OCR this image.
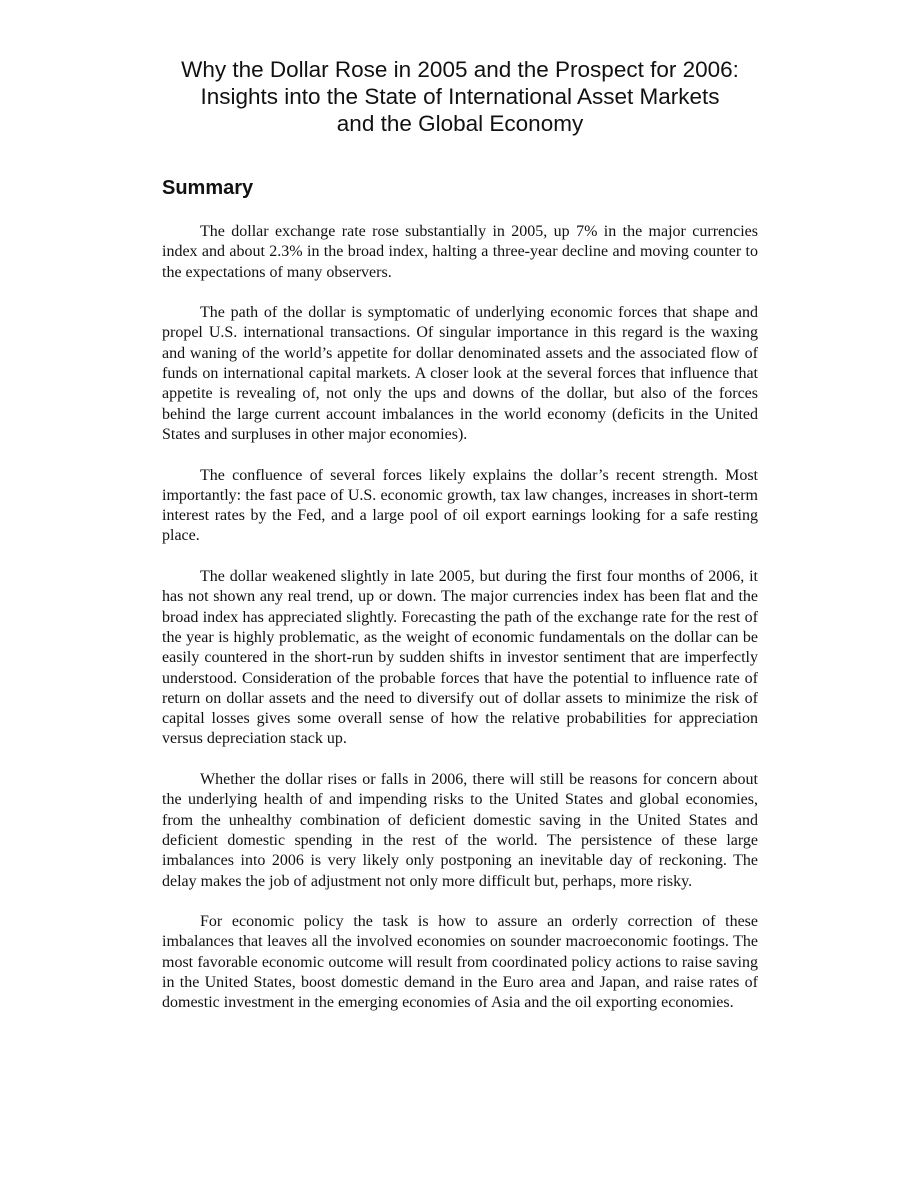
Why the Dollar Rose in 2005 and the Prospect for 2006:
Insights into the State of International Asset Markets
and the Global Economy
Summary

The dollar exchange rate rose substantially in 2005, up 7% in the major currencies index and about 2.3% in the broad index, halting a three-year decline and moving counter to the expectations of many observers.

The path of the dollar is symptomatic of underlying economic forces that shape and propel U.S. international transactions. Of singular importance in this regard is the waxing and waning of the world’s appetite for dollar denominated assets and the associated flow of funds on international capital markets. A closer look at the several forces that influence that appetite is revealing of, not only the ups and downs of the dollar, but also of the forces behind the large current account imbalances in the world economy (deficits in the United States and surpluses in other major economies).

The confluence of several forces likely explains the dollar’s recent strength. Most importantly: the fast pace of U.S. economic growth, tax law changes, increases in short-term interest rates by the Fed, and a large pool of oil export earnings looking for a safe resting place.

The dollar weakened slightly in late 2005, but during the first four months of 2006, it has not shown any real trend, up or down. The major currencies index has been flat and the broad index has appreciated slightly. Forecasting the path of the exchange rate for the rest of the year is highly problematic, as the weight of economic fundamentals on the dollar can be easily countered in the short-run by sudden shifts in investor sentiment that are imperfectly understood. Consideration of the probable forces that have the potential to influence rate of return on dollar assets and the need to diversify out of dollar assets to minimize the risk of capital losses gives some overall sense of how the relative probabilities for appreciation versus depreciation stack up.

Whether the dollar rises or falls in 2006, there will still be reasons for concern about the underlying health of and impending risks to the United States and global economies, from the unhealthy combination of deficient domestic saving in the United States and deficient domestic spending in the rest of the world. The persistence of these large imbalances into 2006 is very likely only postponing an inevitable day of reckoning. The delay makes the job of adjustment not only more difficult but, perhaps, more risky.

For economic policy the task is how to assure an orderly correction of these imbalances that leaves all the involved economies on sounder macroeconomic footings. The most favorable economic outcome will result from coordinated policy actions to raise saving in the United States, boost domestic demand in the Euro area and Japan, and raise rates of domestic investment in the emerging economies of Asia and the oil exporting economies.
